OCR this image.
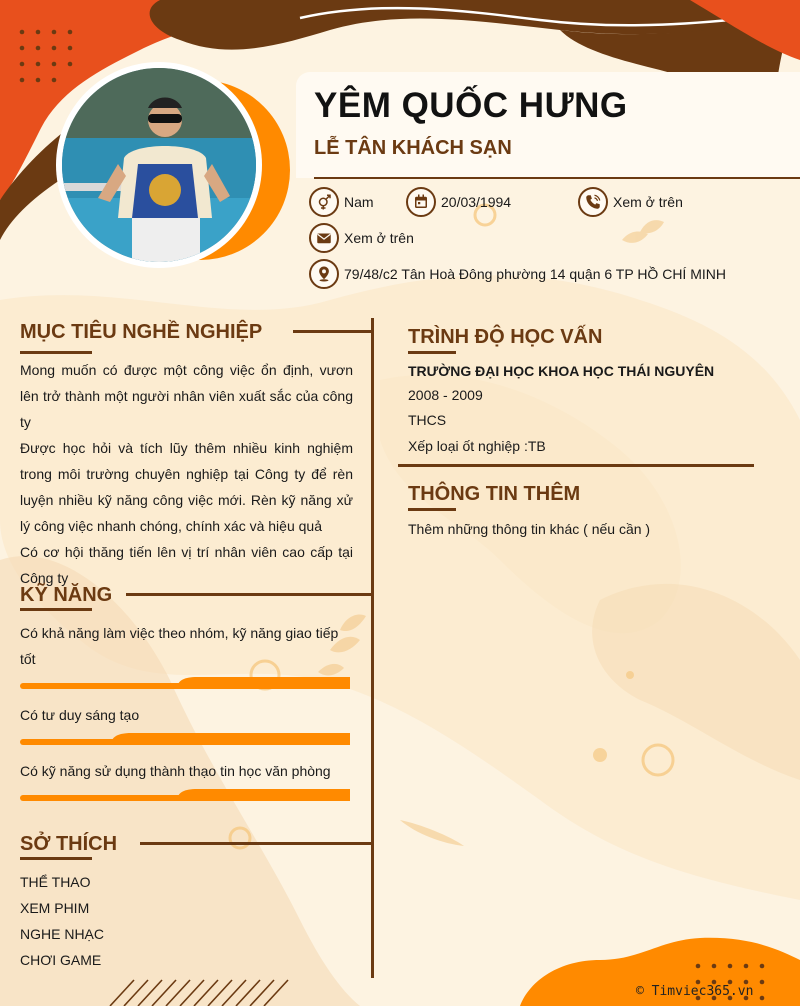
YÊM QUỐC HƯNG
LỄ TÂN KHÁCH SẠN
Nam	20/03/1994	Xem ở trên
Xem ở trên
79/48/c2 Tân Hoà Đông phường 14 quận 6 TP HỒ CHÍ MINH
MỤC TIÊU NGHỀ NGHIỆP

Mong muốn có được một công việc ổn định, vươn lên trở thành một người nhân viên xuất sắc của công ty

Được học hỏi và tích lũy thêm nhiều kinh nghiệm trong môi trường chuyên nghiệp tại Công ty để rèn luyện nhiều kỹ năng công việc mới. Rèn kỹ năng xử lý công việc nhanh chóng, chính xác và hiệu quả

Có cơ hội thăng tiến lên vị trí nhân viên cao cấp tại Công ty

KỸ NĂNG

Có khả năng làm việc theo nhóm, kỹ năng giao tiếp tốt

Có tư duy sáng tạo
Có kỹ năng sử dụng thành thạo tin học văn phòng
SỞ THÍCH
THỂ THAO
XEM PHIM
NGHE NHẠC
CHƠI GAME
TRÌNH ĐỘ HỌC VẤN
TRƯỜNG ĐẠI HỌC KHOA HỌC THÁI NGUYÊN
2008 - 2009
THCS
Xếp loại ốt nghiệp :TB
THÔNG TIN THÊM
Thêm những thông tin khác ( nếu cần )
© Timviec365.vn
